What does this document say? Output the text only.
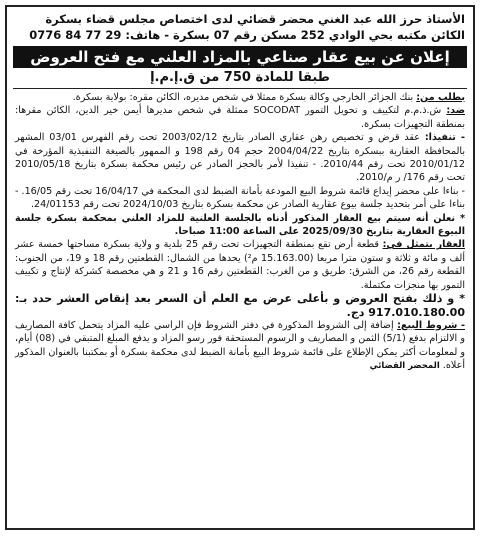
الأستاذ حرز الله عبد الغني محضر قضائي لدى اختصاص مجلس قضاء بسكرة
الكائن مكتبه بحي الوادي 252 مسكن رقم 07 بسكرة - هاتف: 29 77 84 0776
إعلان عن بيع عقار صناعي بالمزاد العلني مع فتح العروض
طبقا للمادة 750 من ق.إ.م.إ

بطلب من: بنك الجزائر الخارجي وكالة بسكرة ممثلا في شخص مديره، الكائن مقره: بولاية بسكرة.

ضد: ش.ذ.م.م لتكييف و تحويل التمور SOCODAT ممثلة في شخص مديرها أيمن خير الدين، الكائن مقرها: بمنطقة التجهيزات بسكرة.

- تنفيذا: عقد قرض و تخصيص رهن عقاري الصادر بتاريخ 2003/02/12 تحت رقم الفهرس 03/01 المشهر بالمحافظة العقارية ببسكرة بتاريخ 2004/04/22 حجم 04 رقم 198 و الممهور بالصيغة التنفيذية المؤرخة في 2010/01/12 تحت رقم 2010/44. - تنفيذا لأمر بالحجز الصادر عن رئيس محكمة بسكرة بتاريخ 2010/05/18 تحت رقم 176/ ر م/2010.

- بناءا على محضر إيداع قائمة شروط البيع المودعة بأمانة الضبط لدى المحكمة في 16/04/17 تحت رقم 16/05. - بناءا على أمر بتحديد جلسة بيوع عقارية الصادر عن محكمة بسكرة بتاريخ 2024/10/03 تحت رقم 24/01153.

* نعلن أنه سيتم بيع العقار المذكور أدناه بالجلسة العلنية للمزاد العلني بمحكمة بسكرة جلسة البيوع العقارية بتاريخ 2025/09/30 على الساعة 11:00 صباحا.

العقار يتمثل في: قطعة أرض تقع بمنطقة التجهيزات تحت رقم 25 بلدية و ولاية بسكرة مساحتها خمسة عشر ألف و مائة و ثلاثة و ستون مترا مربعا (15.163.00 م²) يحدها من الشمال: القطعتين رقم 18 و 19، من الجنوب: القطعة رقم 26، من الشرق: طريق و من الغرب: القطعتين رقم 16 و 21 و هي مخصصة كشركة لإنتاج و تكييف التمور بها منجزات مكتملة.

* و ذلك بفتح العروض و بأعلى عرض مع العلم أن السعر بعد إنقاص العشر حدد بـ: 917.010.180.00 دج.

- شروط البيع: إضافة إلى الشروط المذكورة في دفتر الشروط فإن الراسي عليه المزاد يتحمل كافة المصاريف و الالتزام بدفع (5/1) الثمن و المصاريف و الرسوم المستحقة فور رسو المزاد و يدفع المبلغ المتبقي في (08) أيام، و لمعلومات أكثر يمكن الإطلاع على قائمة شروط البيع بأمانة الضبط لدى محكمة بسكرة أو بمكتبنا بالعنوان المذكور أعلاه. المحضر القضائي
